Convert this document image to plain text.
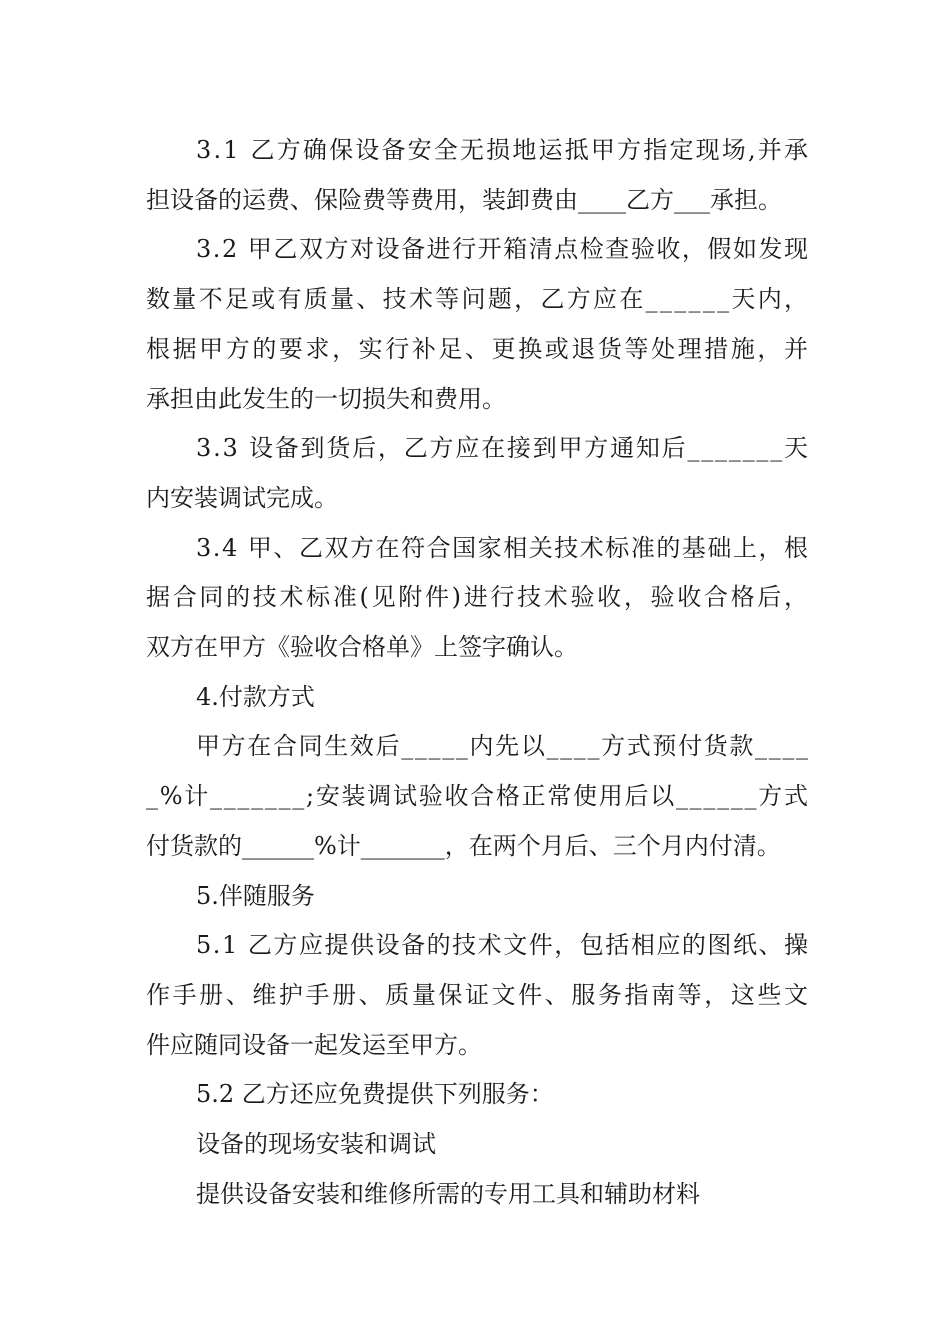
3.1 乙方确保设备安全无损地运抵甲方指定现场,并承
担设备的运费、保险费等费用，装卸费由____乙方___承担。
3.2 甲乙双方对设备进行开箱清点检查验收，假如发现
数量不足或有质量、技术等问题，乙方应在______天内，
根据甲方的要求，实行补足、更换或退货等处理措施，并
承担由此发生的一切损失和费用。
3.3 设备到货后，乙方应在接到甲方通知后_______天
内安装调试完成。
3.4 甲、乙双方在符合国家相关技术标准的基础上，根
据合同的技术标准(见附件)进行技术验收，验收合格后，
双方在甲方《验收合格单》上签字确认。
4.付款方式
甲方在合同生效后_____内先以____方式预付货款____
_%计_______;安装调试验收合格正常使用后以______方式
付货款的______%计_______，在两个月后、三个月内付清。
5.伴随服务
5.1 乙方应提供设备的技术文件，包括相应的图纸、操
作手册、维护手册、质量保证文件、服务指南等，这些文
件应随同设备一起发运至甲方。
5.2 乙方还应免费提供下列服务：
设备的现场安装和调试
提供设备安装和维修所需的专用工具和辅助材料
